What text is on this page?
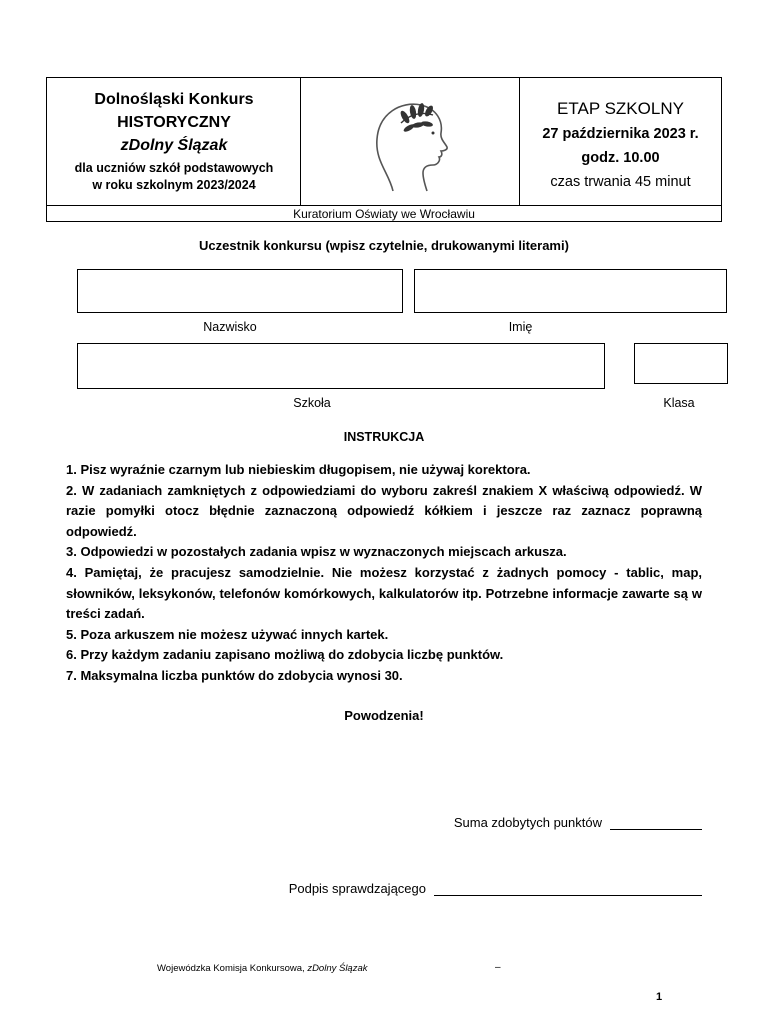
Dolnośląski Konkurs
HISTORYCZNY
zDolny Ślązak
dla uczniów szkół podstawowych
w roku szkolnym 2023/2024
ETAP SZKOLNY
27 października 2023 r.
godz. 10.00
czas trwania 45 minut
Kuratorium Oświaty we Wrocławiu
Uczestnik konkursu (wpisz czytelnie, drukowanymi literami)
Nazwisko	Imię
Szkoła	Klasa
INSTRUKCJA

1. Pisz wyraźnie czarnym lub niebieskim długopisem, nie używaj korektora.

2. W zadaniach zamkniętych z odpowiedziami do wyboru zakreśl znakiem X właściwą odpowiedź. W razie pomyłki otocz błędnie zaznaczoną odpowiedź kółkiem i jeszcze raz zaznacz poprawną odpowiedź.

3. Odpowiedzi w pozostałych zadania wpisz w wyznaczonych miejscach arkusza.

4. Pamiętaj, że pracujesz samodzielnie. Nie możesz korzystać z żadnych pomocy - tablic, map, słowników, leksykonów, telefonów komórkowych, kalkulatorów itp. Potrzebne informacje zawarte są w treści zadań.

5. Poza arkuszem nie możesz używać innych kartek.

6. Przy każdym zadaniu zapisano możliwą do zdobycia liczbę punktów.

7. Maksymalna liczba punktów do zdobycia wynosi 30.

Powodzenia!
Suma zdobytych punktów
Podpis sprawdzającego
Wojewódzka Komisja Konkursowa, zDolny Ślązak	–
1
